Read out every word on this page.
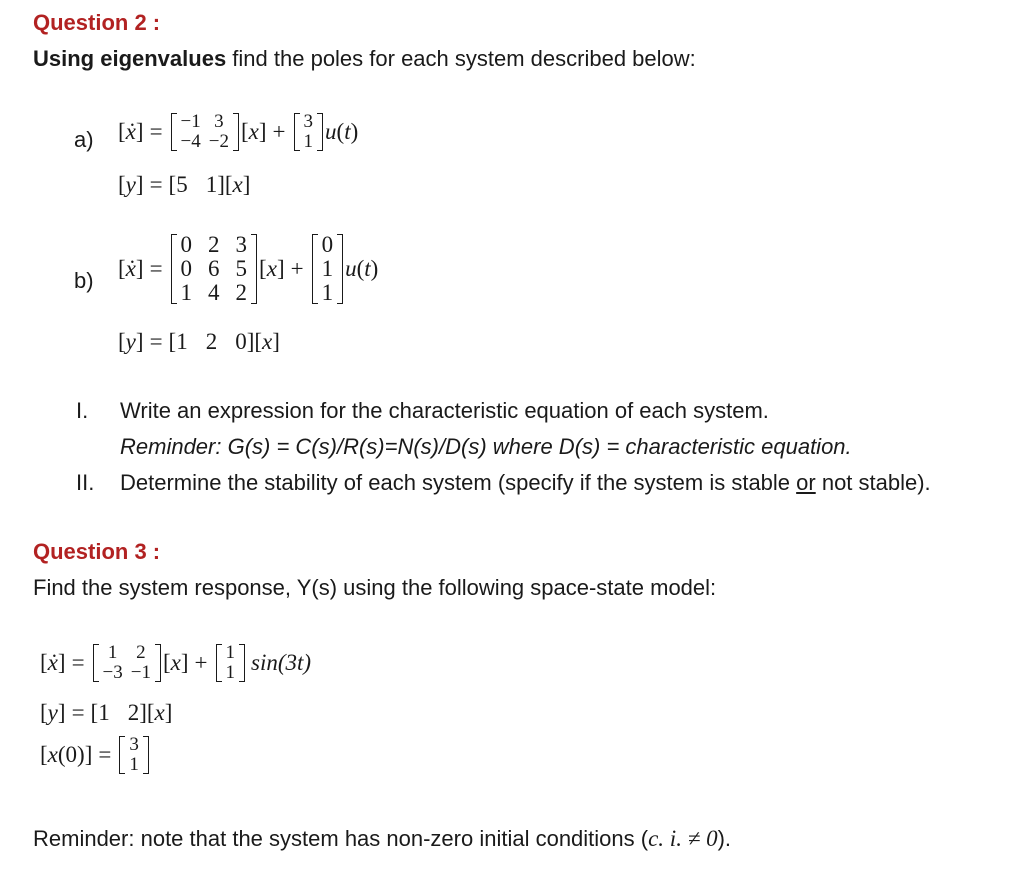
Question 2 :
Using eigenvalues find the poles for each system described below:
a) [ẋ] = −1 3
−4 −2 [x] + 3
1 u (t)
[y] = [ 5 1 ][x]
b) [ẋ] =
0 2 3
0 6 5
1 4 2
[x] +
0
1
1
u (t)
[y] = [ 1 2 0 ][x]
I. Write an expression for the characteristic equation of each system.
Reminder: G(s) = C(s)/R(s)=N(s)/D(s) where D(s) = characteristic equation.
II. Determine the stability of each system (specify if the system is stable or not stable).
Question 3 :
Find the system response, Y(s) using the following space-state model:
[ẋ] =	1 2
−3 −1 [x] + 1
1 sin(3t)
[y] = [ 1 2 ][x]
[x(0)] = 3
1
Reminder: note that the system has non-zero initial conditions (c. i. ≠ 0).
